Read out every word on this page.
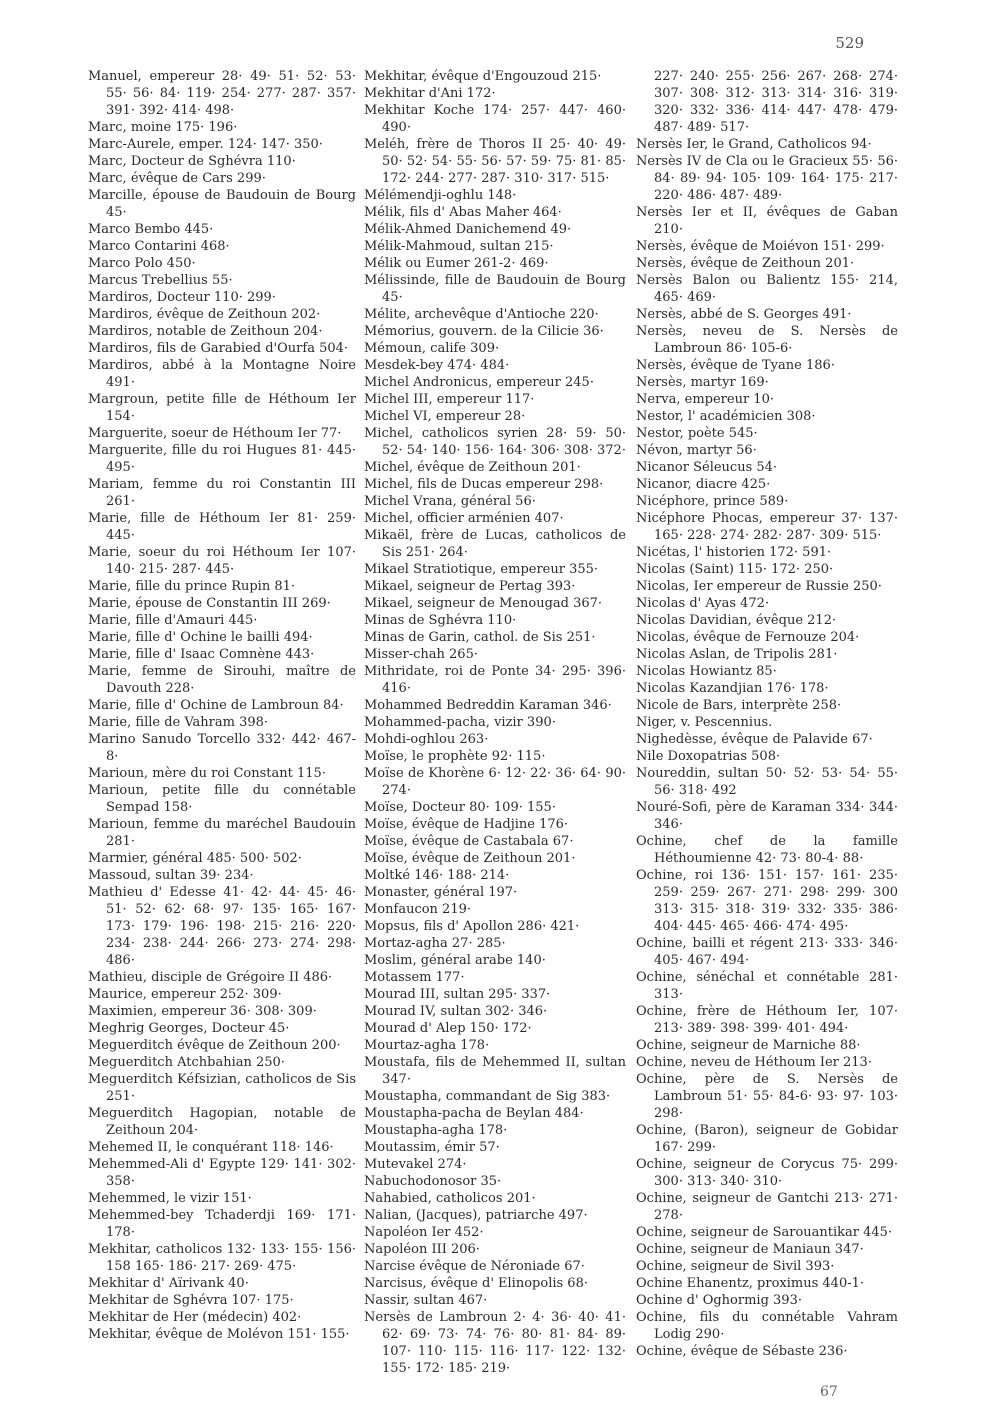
529

Manuel, empereur 28· 49· 51· 52· 53· 55· 56· 84· 119· 254· 277· 287· 357· 391· 392· 414· 498·

Marc, moine 175· 196·

Marc-Aurele, emper. 124· 147· 350·

Marc, Docteur de Sghévra 110·

Marc, évêque de Cars 299·

Marcille, épouse de Baudouin de Bourg 45·

Marco Bembo 445·

Marco Contarini 468·

Marco Polo 450·

Marcus Trebellius 55·

Mardiros, Docteur 110· 299·

Mardiros, évêque de Zeithoun 202·

Mardiros, notable de Zeithoun 204·

Mardiros, fils de Garabied d'Ourfa 504·

Mardiros, abbé à la Montagne Noire 491·

Margroun, petite fille de Héthoum Ier 154·

Marguerite, soeur de Héthoum Ier 77·

Marguerite, fille du roi Hugues 81· 445· 495·

Mariam, femme du roi Constantin III 261·

Marie, fille de Héthoum Ier 81· 259· 445·

Marie, soeur du roi Héthoum Ier 107· 140· 215· 287· 445·

Marie, fille du prince Rupin 81·

Marie, épouse de Constantin III 269·

Marie, fille d'Amauri 445·

Marie, fille d' Ochine le bailli 494·

Marie, fille d' Isaac Comnène 443·

Marie, femme de Sirouhi, maître de Davouth 228·

Marie, fille d' Ochine de Lambroun 84·

Marie, fille de Vahram 398·

Marino Sanudo Torcello 332· 442· 467-8·

Marioun, mère du roi Constant 115·

Marioun, petite fille du connétable Sempad 158·

Marioun, femme du maréchel Baudouin 281·

Marmier, général 485· 500· 502·

Massoud, sultan 39· 234·

Mathieu d' Edesse 41· 42· 44· 45· 46· 51· 52· 62· 68· 97· 135· 165· 167· 173· 179· 196· 198· 215· 216· 220· 234· 238· 244· 266· 273· 274· 298· 486·

Mathieu, disciple de Grégoire II 486·

Maurice, empereur 252· 309·

Maximien, empereur 36· 308· 309·

Meghrig Georges, Docteur 45·

Meguerditch évêque de Zeithoun 200·

Meguerditch Atchbahian 250·

Meguerditch Kéfsizian, catholicos de Sis 251·

Meguerditch Hagopian, notable de Zeithoun 204·

Mehemed II, le conquérant 118· 146·

Mehemmed-Ali d' Egypte 129· 141· 302· 358·

Mehemmed, le vizir 151·

Mehemmed-bey Tchaderdji 169· 171· 178·

Mekhitar, catholicos 132· 133· 155· 156· 158 165· 186· 217· 269· 475·

Mekhitar d' Aïrivank 40·

Mekhitar de Sghévra 107· 175·

Mekhitar de Her (médecin) 402·

Mekhitar, évêque de Molévon 151· 155·

Mekhitar, évêque d'Engouzoud 215·

Mekhitar d'Ani 172·

Mekhitar Koche 174· 257· 447· 460· 490·

Meléh, frère de Thoros II 25· 40· 49· 50· 52· 54· 55· 56· 57· 59· 75· 81· 85· 172· 244· 277· 287· 310· 317· 515·

Mélémendji-oghlu 148·

Mélik, fils d' Abas Maher 464·

Mélik-Ahmed Danichemend 49·

Mélik-Mahmoud, sultan 215·

Mélik ou Eumer 261-2· 469·

Mélissinde, fille de Baudouin de Bourg 45·

Mélite, archevêque d'Antioche 220·

Mémorius, gouvern. de la Cilicie 36·

Mémoun, calife 309·

Mesdek-bey 474· 484·

Michel Andronicus, empereur 245·

Michel III, empereur 117·

Michel VI, empereur 28·

Michel, catholicos syrien 28· 59· 50· 52· 54· 140· 156· 164· 306· 308· 372·

Michel, évêque de Zeithoun 201·

Michel, fils de Ducas empereur 298·

Michel Vrana, général 56·

Michel, officier arménien 407·

Mikaël, frère de Lucas, catholicos de Sis 251· 264·

Mikael Stratiotique, empereur 355·

Mikael, seigneur de Pertag 393·

Mikael, seigneur de Menougad 367·

Minas de Sghévra 110·

Minas de Garin, cathol. de Sis 251·

Misser-chah 265·

Mithridate, roi de Ponte 34· 295· 396· 416·

Mohammed Bedreddin Karaman 346·

Mohammed-pacha, vizir 390·

Mohdi-oghlou 263·

Moïse, le prophète 92· 115·

Moïse de Khorène 6· 12· 22· 36· 64· 90· 274·

Moïse, Docteur 80· 109· 155·

Moïse, évêque de Hadjine 176·

Moïse, évêque de Castabala 67·

Moïse, évêque de Zeithoun 201·

Moltké 146· 188· 214·

Monaster, général 197·

Monfaucon 219·

Mopsus, fils d' Apollon 286· 421·

Mortaz-agha 27· 285·

Moslim, général arabe 140·

Motassem 177·

Mourad III, sultan 295· 337·

Mourad IV, sultan 302· 346·

Mourad d' Alep 150· 172·

Mourtaz-agha 178·

Moustafa, fils de Mehemmed II, sultan 347·

Moustapha, commandant de Sig 383·

Moustapha-pacha de Beylan 484·

Moustapha-agha 178·

Moutassim, émir 57·

Mutevakel 274·

Nabuchodonosor 35·

Nahabied, catholicos 201·

Nalian, (Jacques), patriarche 497·

Napoléon Ier 452·

Napoléon III 206·

Narcise évêque de Néroniade 67·

Narcisus, évêque d' Elinopolis 68·

Nassir, sultan 467·

Nersès de Lambroun 2· 4· 36· 40· 41· 62· 69· 73· 74· 76· 80· 81· 84· 89· 107· 110· 115· 116· 117· 122· 132· 155· 172· 185· 219·

227· 240· 255· 256· 267· 268· 274· 307· 308· 312· 313· 314· 316· 319· 320· 332· 336· 414· 447· 478· 479· 487· 489· 517·

Nersès Ier, le Grand, Catholicos 94·

Nersès IV de Cla ou le Gracieux 55· 56· 84· 89· 94· 105· 109· 164· 175· 217· 220· 486· 487· 489·

Nersès Ier et II, évêques de Gaban 210·

Nersès, évêque de Moiévon 151· 299·

Nersès, évêque de Zeithoun 201·

Nersès Balon ou Balientz 155· 214, 465· 469·

Nersès, abbé de S. Georges 491·

Nersès, neveu de S. Nersès de Lambroun 86· 105-6·

Nersès, évêque de Tyane 186·

Nersès, martyr 169·

Nerva, empereur 10·

Nestor, l' académicien 308·

Nestor, poète 545·

Névon, martyr 56·

Nicanor Séleucus 54·

Nicanor, diacre 425·

Nicéphore, prince 589·

Nicéphore Phocas, empereur 37· 137· 165· 228· 274· 282· 287· 309· 515·

Nicétas, l' historien 172· 591·

Nicolas (Saint) 115· 172· 250·

Nicolas, Ier empereur de Russie 250·

Nicolas d' Ayas 472·

Nicolas Davidian, évêque 212·

Nicolas, évêque de Fernouze 204·

Nicolas Aslan, de Tripolis 281·

Nicolas Howiantz 85·

Nicolas Kazandjian 176· 178·

Nicole de Bars, interprète 258·

Niger, v. Pescennius.

Nighedèsse, évêque de Palavide 67·

Nile Doxopatrias 508·

Noureddin, sultan 50· 52· 53· 54· 55· 56· 318· 492

Nouré-Sofi, père de Karaman 334· 344· 346·

Ochine, chef de la famille Héthoumienne 42· 73· 80-4· 88·

Ochine, roi 136· 151· 157· 161· 235· 259· 259· 267· 271· 298· 299· 300 313· 315· 318· 319· 332· 335· 386· 404· 445· 465· 466· 474· 495·

Ochine, bailli et régent 213· 333· 346· 405· 467· 494·

Ochine, sénéchal et connétable 281· 313·

Ochine, frère de Héthoum Ier, 107· 213· 389· 398· 399· 401· 494·

Ochine, seigneur de Marniche 88·

Ochine, neveu de Héthoum Ier 213·

Ochine, père de S. Nersès de Lambroun 51· 55· 84-6· 93· 97· 103· 298·

Ochine, (Baron), seigneur de Gobidar 167· 299·

Ochine, seigneur de Corycus 75· 299· 300· 313· 340· 310·

Ochine, seigneur de Gantchi 213· 271· 278·

Ochine, seigneur de Sarouantikar 445·

Ochine, seigneur de Maniaun 347·

Ochine, seigneur de Sivil 393·

Ochine Ehanentz, proximus 440-1·

Ochine d' Oghormig 393·

Ochine, fils du connétable Vahram Lodig 290·

Ochine, évêque de Sébaste 236·

67
